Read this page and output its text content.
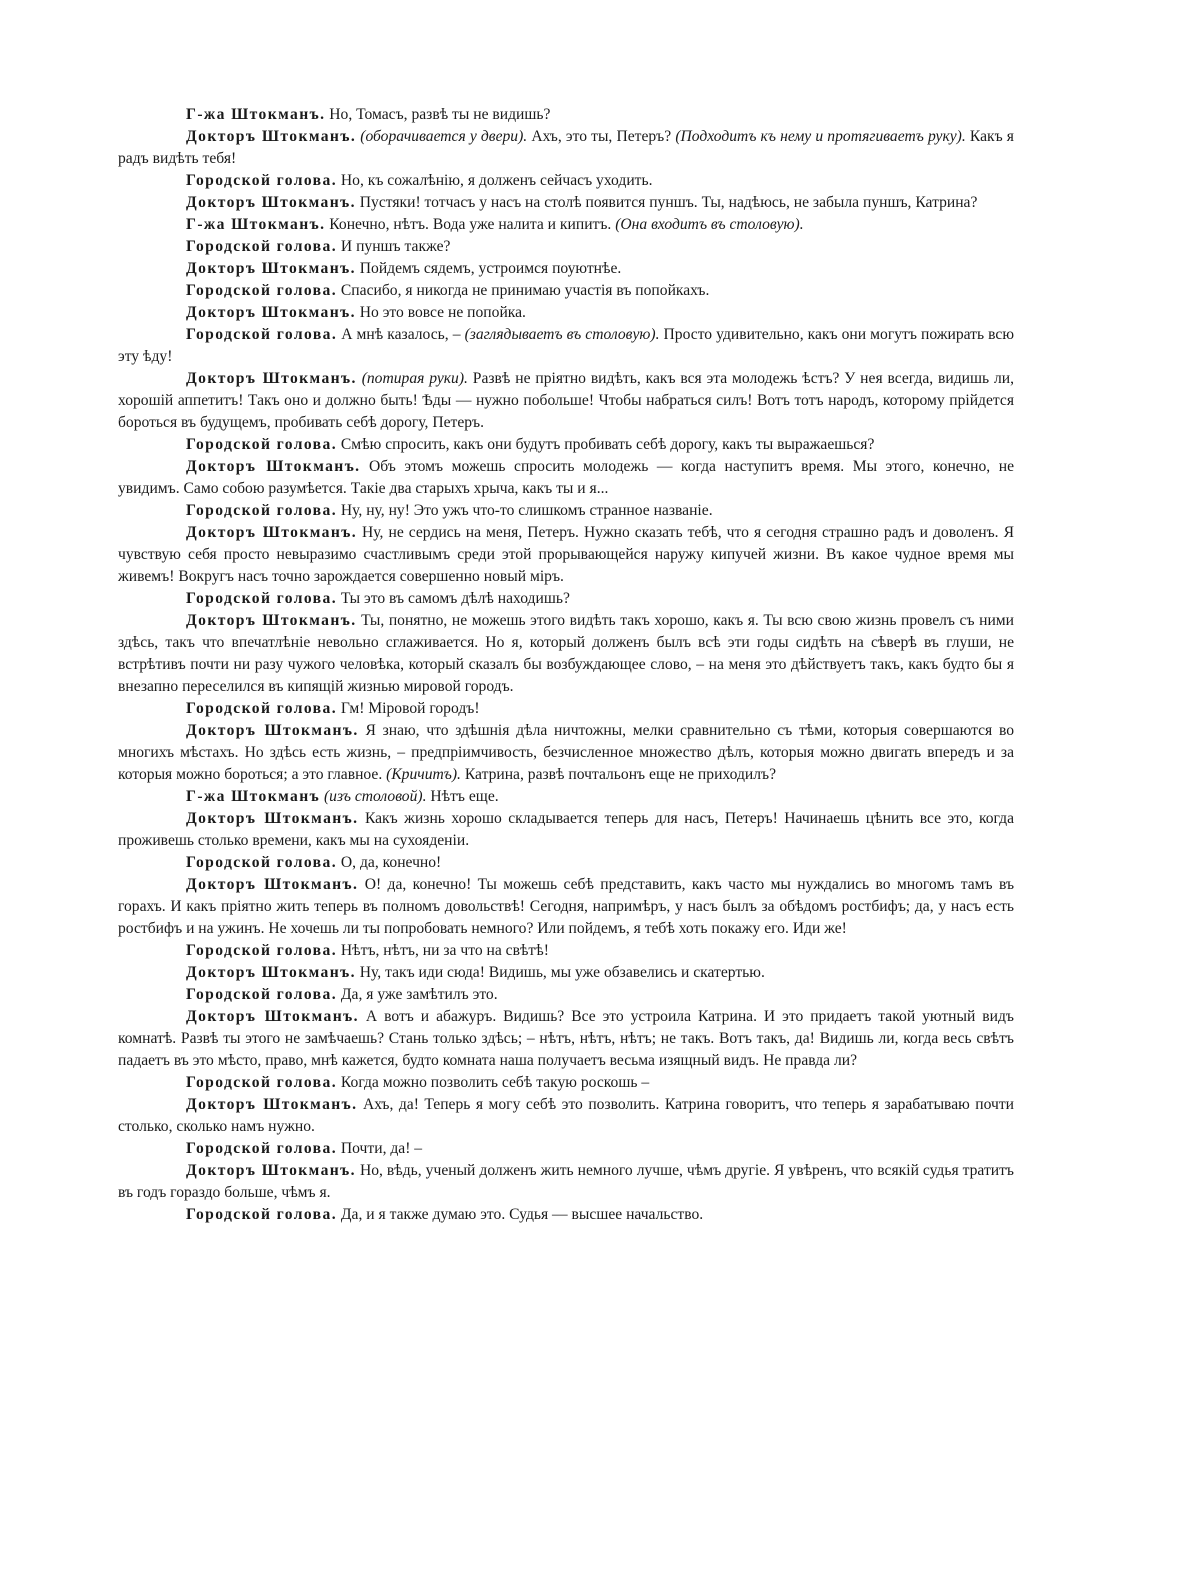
Г-жа Штокманъ. Но, Томасъ, развѣ ты не видишь?

Докторъ Штокманъ. (оборачивается у двери). Ахъ, это ты, Петеръ? (Подходитъ къ нему и протягиваетъ руку). Какъ я радъ видѣть тебя!

Городской голова. Но, къ сожалѣнію, я долженъ сейчасъ уходить.

Докторъ Штокманъ. Пустяки! тотчасъ у насъ на столѣ появится пуншъ. Ты, надѣюсь, не забыла пуншъ, Катрина?

Г-жа Штокманъ. Конечно, нѣтъ. Вода уже налита и кипитъ. (Она входитъ въ столовую).

Городской голова. И пуншъ также?

Докторъ Штокманъ. Пойдемъ сядемъ, устроимся поуютнѣе.

Городской голова. Спасибо, я никогда не принимаю участія въ попойкахъ.

Докторъ Штокманъ. Но это вовсе не попойка.

Городской голова. А мнѣ казалось, – (заглядываетъ въ столовую). Просто удивительно, какъ они могутъ пожирать всю эту ѣду!

Докторъ Штокманъ. (потирая руки). Развѣ не пріятно видѣть, какъ вся эта молодежь ѣстъ? У нея всегда, видишь ли, хорошій аппетитъ! Такъ оно и должно быть! Ѣды — нужно побольше! Чтобы набраться силъ! Вотъ тотъ народъ, которому прійдется бороться въ будущемъ, пробивать себѣ дорогу, Петеръ.

Городской голова. Смѣю спросить, какъ они будутъ пробивать себѣ дорогу, какъ ты выражаешься?

Докторъ Штокманъ. Объ этомъ можешь спросить молодежь — когда наступитъ время. Мы этого, конечно, не увидимъ. Само собою разумѣется. Такіе два старыхъ хрыча, какъ ты и я...

Городской голова. Ну, ну, ну! Это ужъ что-то слишкомъ странное названіе.

Докторъ Штокманъ. Ну, не сердись на меня, Петеръ. Нужно сказать тебѣ, что я сегодня страшно радъ и доволенъ. Я чувствую себя просто невыразимо счастливымъ среди этой прорывающейся наружу кипучей жизни. Въ какое чудное время мы живемъ! Вокругъ насъ точно зарождается совершенно новый міръ.

Городской голова. Ты это въ самомъ дѣлѣ находишь?

Докторъ Штокманъ. Ты, понятно, не можешь этого видѣть такъ хорошо, какъ я. Ты всю свою жизнь провелъ съ ними здѣсь, такъ что впечатлѣніе невольно сглаживается. Но я, который долженъ былъ всѣ эти годы сидѣть на сѣверѣ въ глуши, не встрѣтивъ почти ни разу чужого человѣка, который сказалъ бы возбуждающее слово, – на меня это дѣйствуетъ такъ, какъ будто бы я внезапно переселился въ кипящій жизнью мировой городъ.

Городской голова. Гм! Міровой городъ!

Докторъ Штокманъ. Я знаю, что здѣшнія дѣла ничтожны, мелки сравнительно съ тѣми, которыя совершаются во многихъ мѣстахъ. Но здѣсь есть жизнь, – предпріимчивость, безчисленное множество дѣлъ, которыя можно двигать впередъ и за которыя можно бороться; а это главное. (Кричитъ). Катрина, развѣ почтальонъ еще не приходилъ?

Г-жа Штокманъ (изъ столовой). Нѣтъ еще.

Докторъ Штокманъ. Какъ жизнь хорошо складывается теперь для насъ, Петеръ! Начинаешь цѣнить все это, когда проживешь столько времени, какъ мы на сухояденіи.

Городской голова. О, да, конечно!

Докторъ Штокманъ. О! да, конечно! Ты можешь себѣ представить, какъ часто мы нуждались во многомъ тамъ въ горахъ. И какъ пріятно жить теперь въ полномъ довольствѣ! Сегодня, напримѣръ, у насъ былъ за обѣдомъ ростбифъ; да, у насъ есть ростбифъ и на ужинъ. Не хочешь ли ты попробовать немного? Или пойдемъ, я тебѣ хоть покажу его. Иди же!

Городской голова. Нѣтъ, нѣтъ, ни за что на свѣтѣ!

Докторъ Штокманъ. Ну, такъ иди сюда! Видишь, мы уже обзавелись и скатертью.

Городской голова. Да, я уже замѣтилъ это.

Докторъ Штокманъ. А вотъ и абажуръ. Видишь? Все это устроила Катрина. И это придаетъ такой уютный видъ комнатѣ. Развѣ ты этого не замѣчаешь? Стань только здѣсь; – нѣтъ, нѣтъ, нѣтъ; не такъ. Вотъ такъ, да! Видишь ли, когда весь свѣтъ падаетъ въ это мѣсто, право, мнѣ кажется, будто комната наша получаетъ весьма изящный видъ. Не правда ли?

Городской голова. Когда можно позволить себѣ такую роскошь –

Докторъ Штокманъ. Ахъ, да! Теперь я могу себѣ это позволить. Катрина говоритъ, что теперь я зарабатываю почти столько, сколько намъ нужно.

Городской голова. Почти, да! –

Докторъ Штокманъ. Но, вѣдь, ученый долженъ жить немного лучше, чѣмъ другіе. Я увѣренъ, что всякій судья тратитъ въ годъ гораздо больше, чѣмъ я.

Городской голова. Да, и я также думаю это. Судья — высшее начальство.
